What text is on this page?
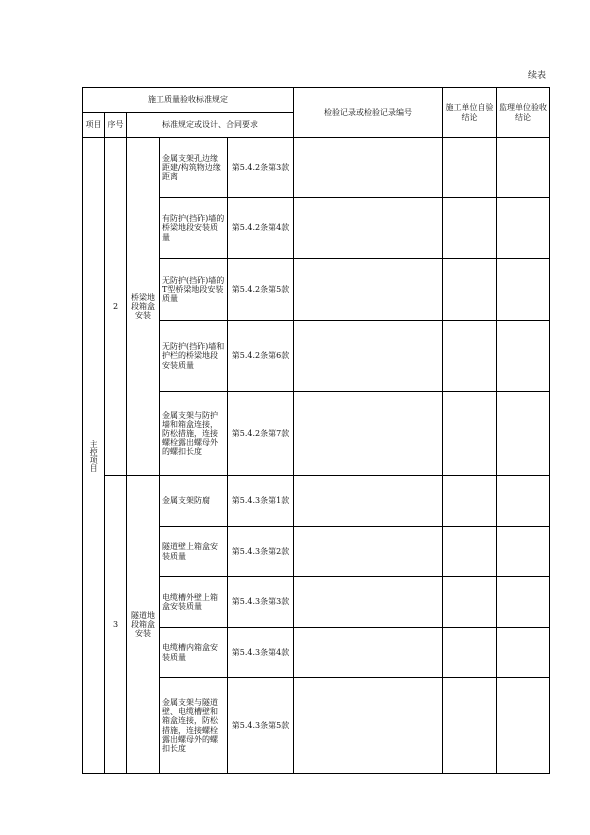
续表
施工质量验收标准规定					检验记录或检验记录编号	施工单位自验结论	监理单位验收结论
项目	序号	标准规定或设计、合同要求					

主控项目	2	桥梁地段箱盒安装	金属支架孔边缘距建/构筑物边缘距离	第5.4.2条第3款			
			有防护(挡砟)墙的桥梁地段安装质量	第5.4.2条第4款			
			无防护(挡砟)墙的T型桥梁地段安装质量	第5.4.2条第5款			
			无防护(挡砟)墙和护栏的桥梁地段安装质量	第5.4.2条第6款			
			金属支架与防护墙和箱盒连接，防松措施，连接螺栓露出螺母外的螺扣长度	第5.4.2条第7款			
	3	隧道地段箱盒安装	金属支架防腐	第5.4.3条第1款			
			隧道壁上箱盒安装质量	第5.4.3条第2款			
			电缆槽外壁上箱盒安装质量	第5.4.3条第3款			
			电缆槽内箱盒安装质量	第5.4.3条第4款			
			金属支架与隧道壁、电缆槽壁和箱盒连接，防松措施，连接螺栓露出螺母外的螺扣长度	第5.4.3条第5款			
